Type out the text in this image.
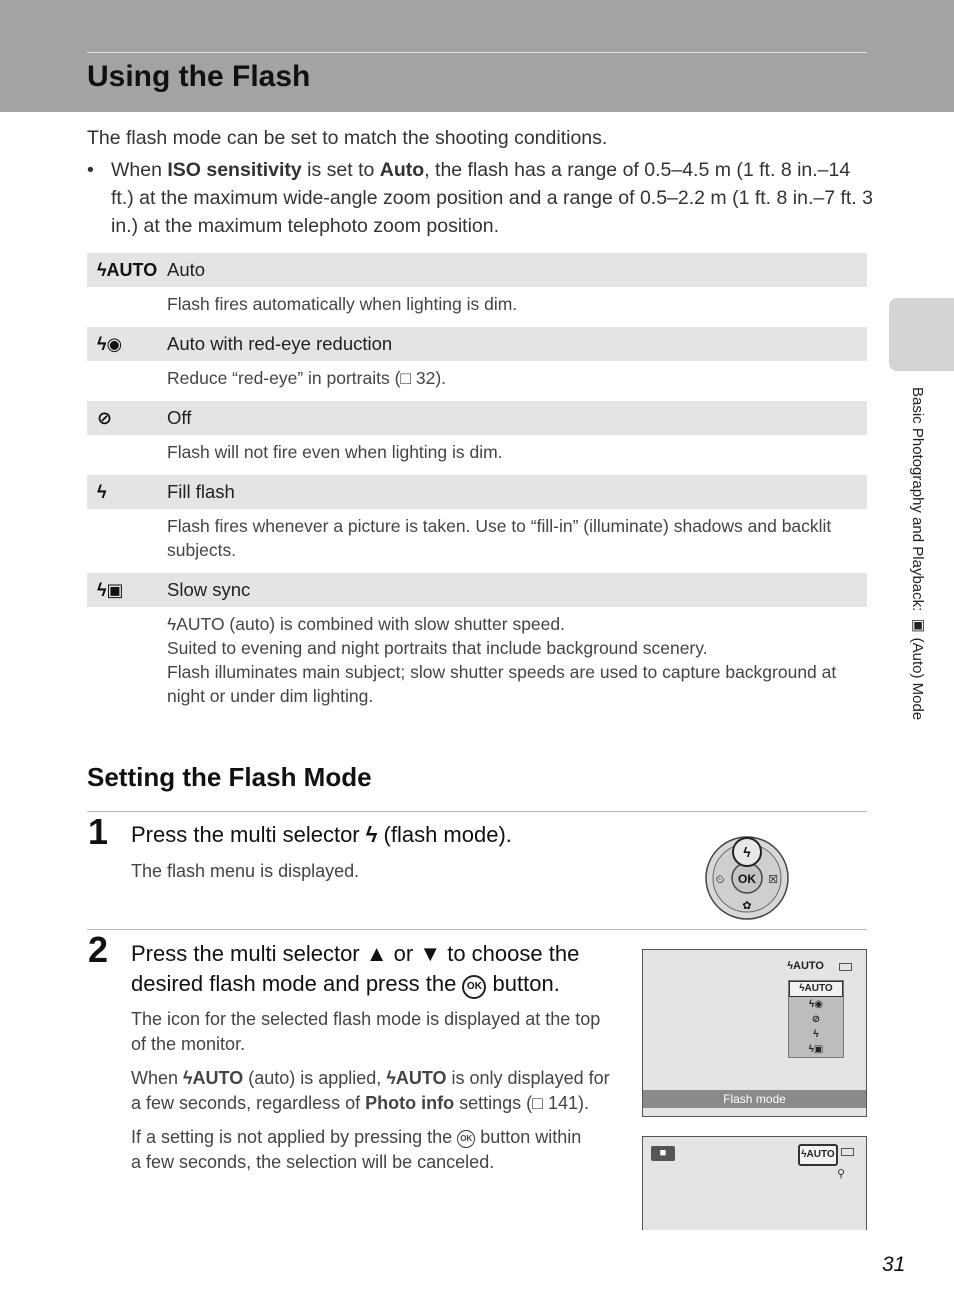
Using the Flash

The flash mode can be set to match the shooting conditions.

• When ISO sensitivity is set to Auto, the flash has a range of 0.5–4.5 m (1 ft. 8 in.–14 ft.) at the maximum wide-angle zoom position and a range of 0.5–2.2 m (1 ft. 8 in.–7 ft. 3 in.) at the maximum telephoto zoom position.
ϟAUTO Auto
Flash fires automatically when lighting is dim.
ϟ◉	Auto with red-eye reduction
Reduce “red-eye” in portraits (□ 32).
⊘	Off
Flash will not fire even when lighting is dim.
ϟ	Fill flash
Flash fires whenever a picture is taken. Use to “fill-in” (illuminate) shadows and backlit subjects.
ϟ▣	Slow sync
ϟAUTO (auto) is combined with slow shutter speed.
Suited to evening and night portraits that include background scenery.
Flash illuminates main subject; slow shutter speeds are used to capture background at night or under dim lighting.
Setting the Flash Mode
1 Press the multi selector ϟ (flash mode).
The flash menu is displayed.	OK
ϟ
⏲	☒
✿
2 Press the multi selector ▲ or ▼ to choose the
desired flash mode and press the OK button.
The icon for the selected flash mode is displayed at the top of the monitor.
When ϟAUTO (auto) is applied, ϟAUTO is only displayed for a few seconds, regardless of Photo info settings (□ 141).
If a setting is not applied by pressing the OK button within a few seconds, the selection will be canceled.
ϟAUTO
ϟAUTO
ϟ◉
⊘
ϟ
ϟ▣
Flash mode
■	ϟAUTO
⚲
Basic Photography and Playback: ▣ (Auto) Mode
31
